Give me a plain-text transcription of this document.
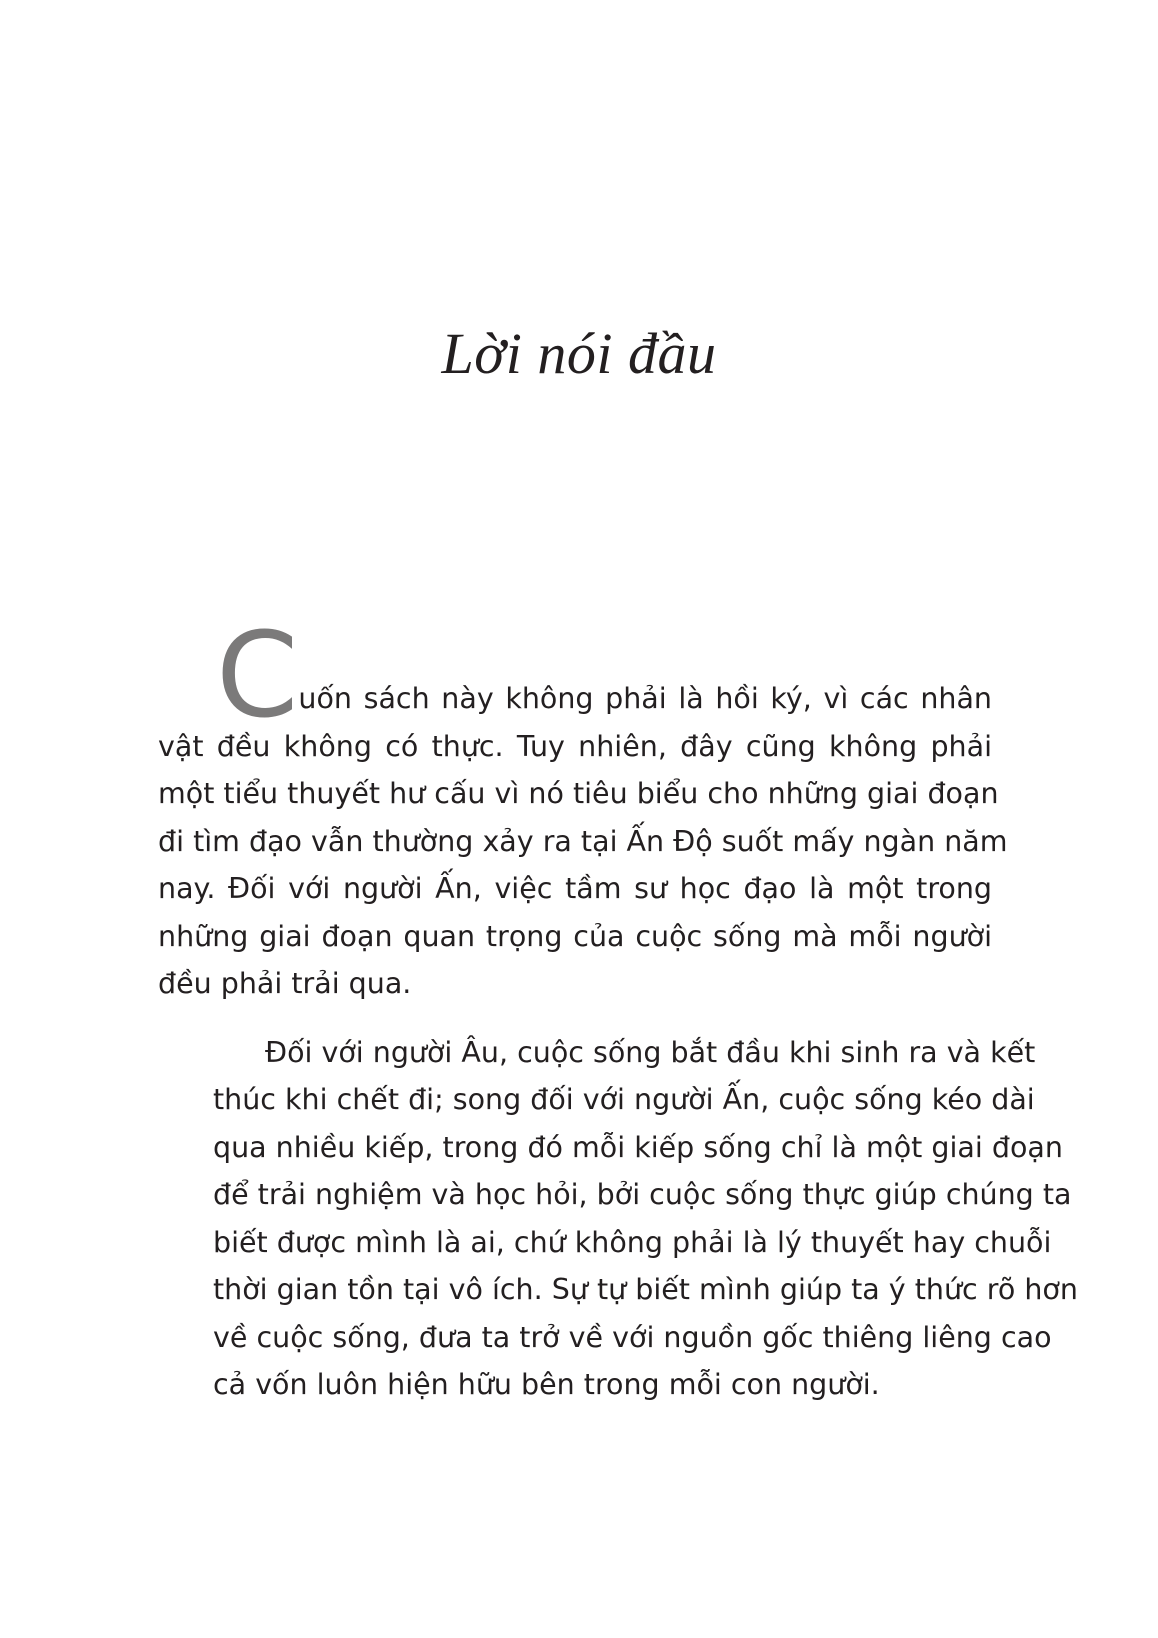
Lời nói đầu
C uốn sách này không phải là hồi ký, vì các nhân
vật đều không có thực. Tuy nhiên, đây cũng không phải
một tiểu thuyết hư cấu vì nó tiêu biểu cho những giai đoạn
đi tìm đạo vẫn thường xảy ra tại Ấn Độ suốt mấy ngàn năm
nay. Đối với người Ấn, việc tầm sư học đạo là một trong
những giai đoạn quan trọng của cuộc sống mà mỗi người
đều phải trải qua.
Đối với người Âu, cuộc sống bắt đầu khi sinh ra và kết
thúc khi chết đi; song đối với người Ấn, cuộc sống kéo dài
qua nhiều kiếp, trong đó mỗi kiếp sống chỉ là một giai đoạn
để trải nghiệm và học hỏi, bởi cuộc sống thực giúp chúng ta
biết được mình là ai, chứ không phải là lý thuyết hay chuỗi
thời gian tồn tại vô ích. Sự tự biết mình giúp ta ý thức rõ hơn
về cuộc sống, đưa ta trở về với nguồn gốc thiêng liêng cao
cả vốn luôn hiện hữu bên trong mỗi con người.
